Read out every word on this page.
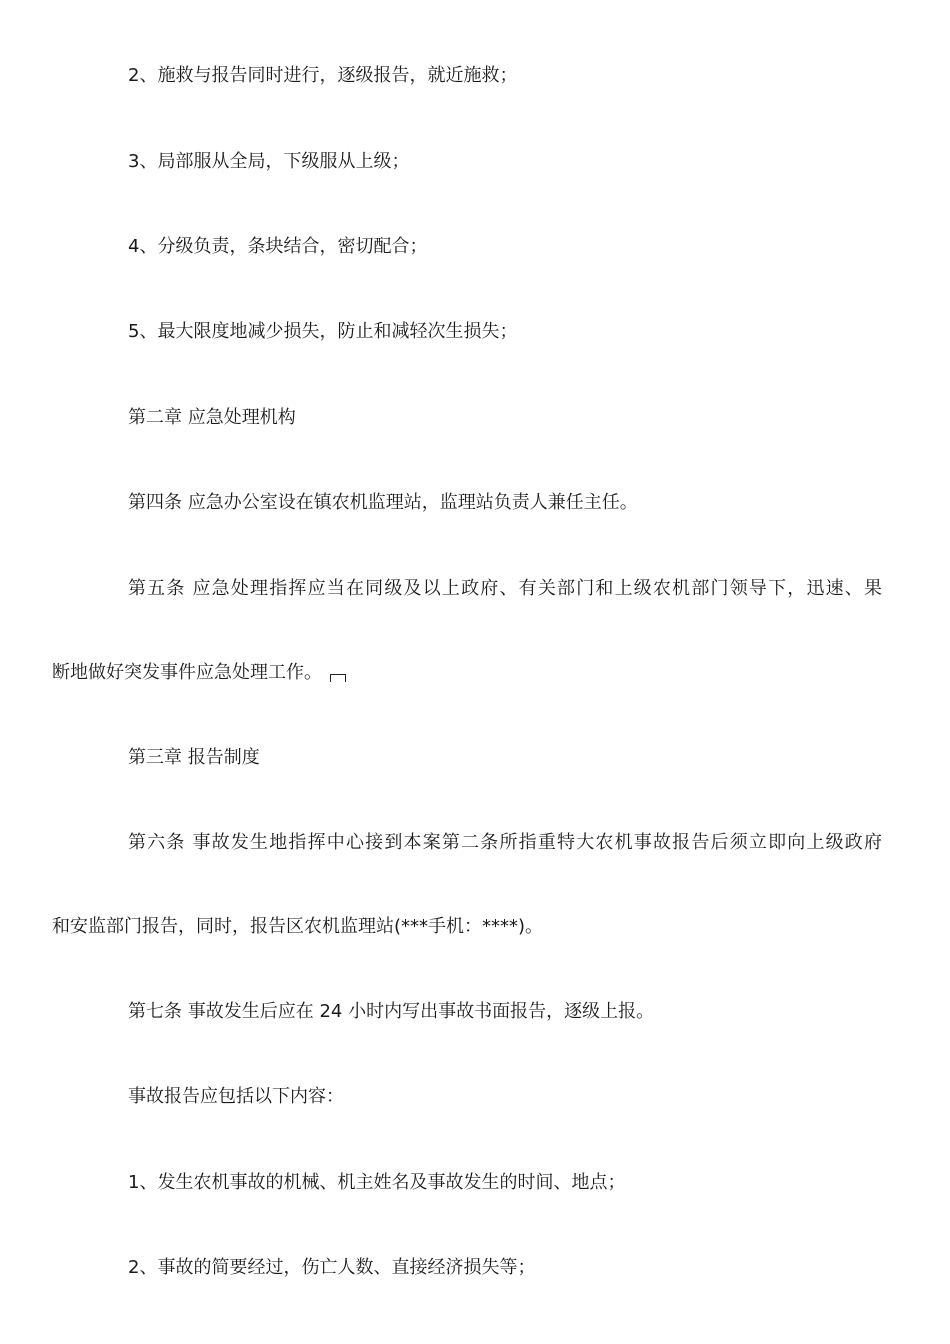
2、施救与报告同时进行，逐级报告，就近施救；
3、局部服从全局，下级服从上级；
4、分级负责，条块结合，密切配合；
5、最大限度地减少损失，防止和减轻次生损失；
第二章 应急处理机构
第四条 应急办公室设在镇农机监理站，监理站负责人兼任主任。
第五条 应急处理指挥应当在同级及以上政府、有关部门和上级农机部门领导下，迅速、果
断地做好突发事件应急处理工作。
第三章 报告制度
第六条 事故发生地指挥中心接到本案第二条所指重特大农机事故报告后须立即向上级政府
和安监部门报告，同时，报告区农机监理站(***手机：****)。
第七条 事故发生后应在 24 小时内写出事故书面报告，逐级上报。
事故报告应包括以下内容：
1、发生农机事故的机械、机主姓名及事故发生的时间、地点；
2、事故的简要经过，伤亡人数、直接经济损失等；
